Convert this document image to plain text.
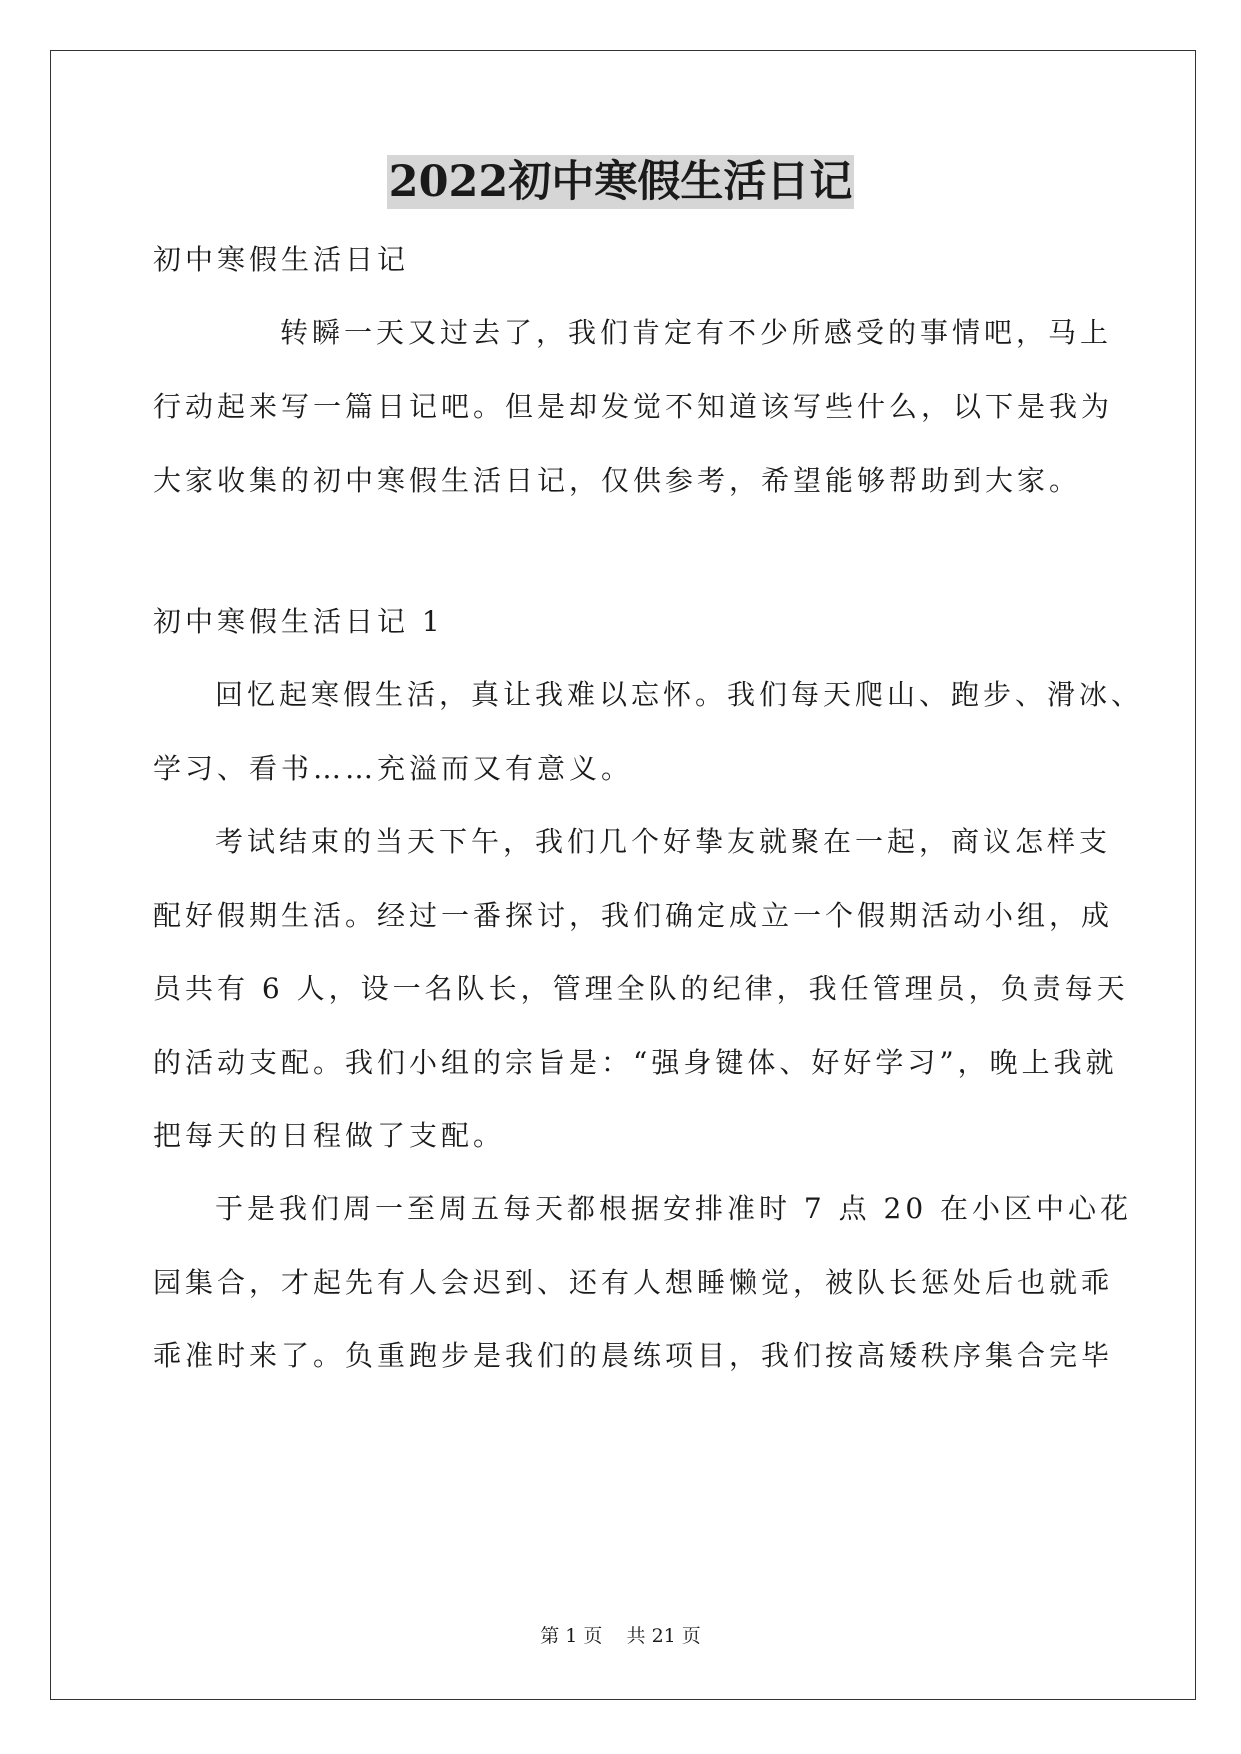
2022初中寒假生活日记

初中寒假生活日记

转瞬一天又过去了，我们肯定有不少所感受的事情吧，马上

行动起来写一篇日记吧。但是却发觉不知道该写些什么，以下是我为

大家收集的初中寒假生活日记，仅供参考，希望能够帮助到大家。

初中寒假生活日记 1

回忆起寒假生活，真让我难以忘怀。我们每天爬山、跑步、滑冰、

学习、看书……充溢而又有意义。

考试结束的当天下午，我们几个好挚友就聚在一起，商议怎样支

配好假期生活。经过一番探讨，我们确定成立一个假期活动小组，成

员共有 6 人，设一名队长，管理全队的纪律，我任管理员，负责每天

的活动支配。我们小组的宗旨是：“强身键体、好好学习”，晚上我就

把每天的日程做了支配。

于是我们周一至周五每天都根据安排准时 7 点 20 在小区中心花

园集合，才起先有人会迟到、还有人想睡懒觉，被队长惩处后也就乖

乖准时来了。负重跑步是我们的晨练项目，我们按高矮秩序集合完毕

第 1 页    共 21 页
